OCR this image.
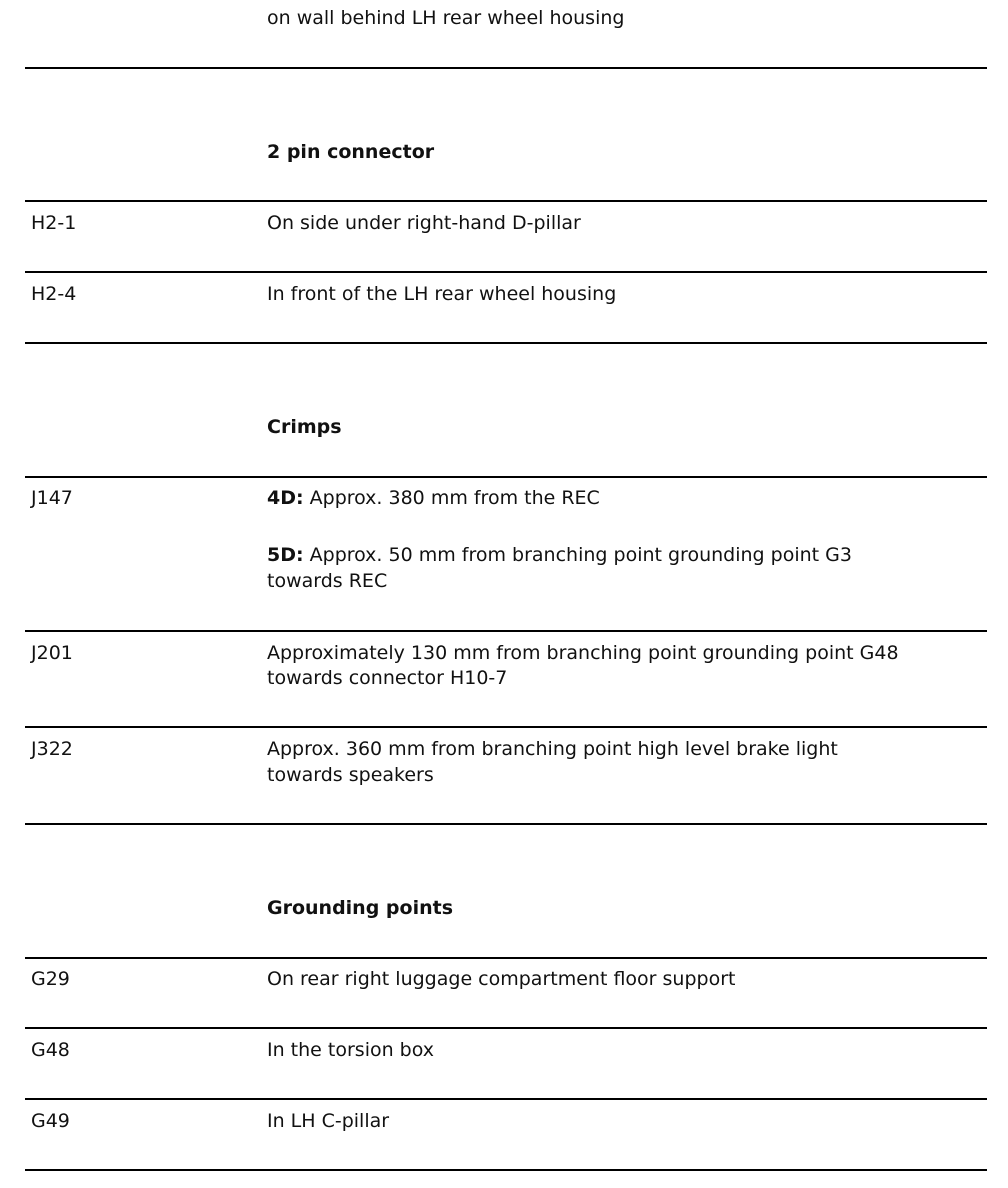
on wall behind LH rear wheel housing
2 pin connector
H2-1	On side under right-hand D-pillar
H2-4	In front of the LH rear wheel housing
Crimps
J147	4D: Approx. 380 mm from the REC
5D: Approx. 50 mm from branching point grounding point G3
towards REC
J201	Approximately 130 mm from branching point grounding point G48
towards connector H10-7
J322	Approx. 360 mm from branching point high level brake light
towards speakers
Grounding points
G29	On rear right luggage compartment floor support
G48	In the torsion box
G49	In LH C-pillar
